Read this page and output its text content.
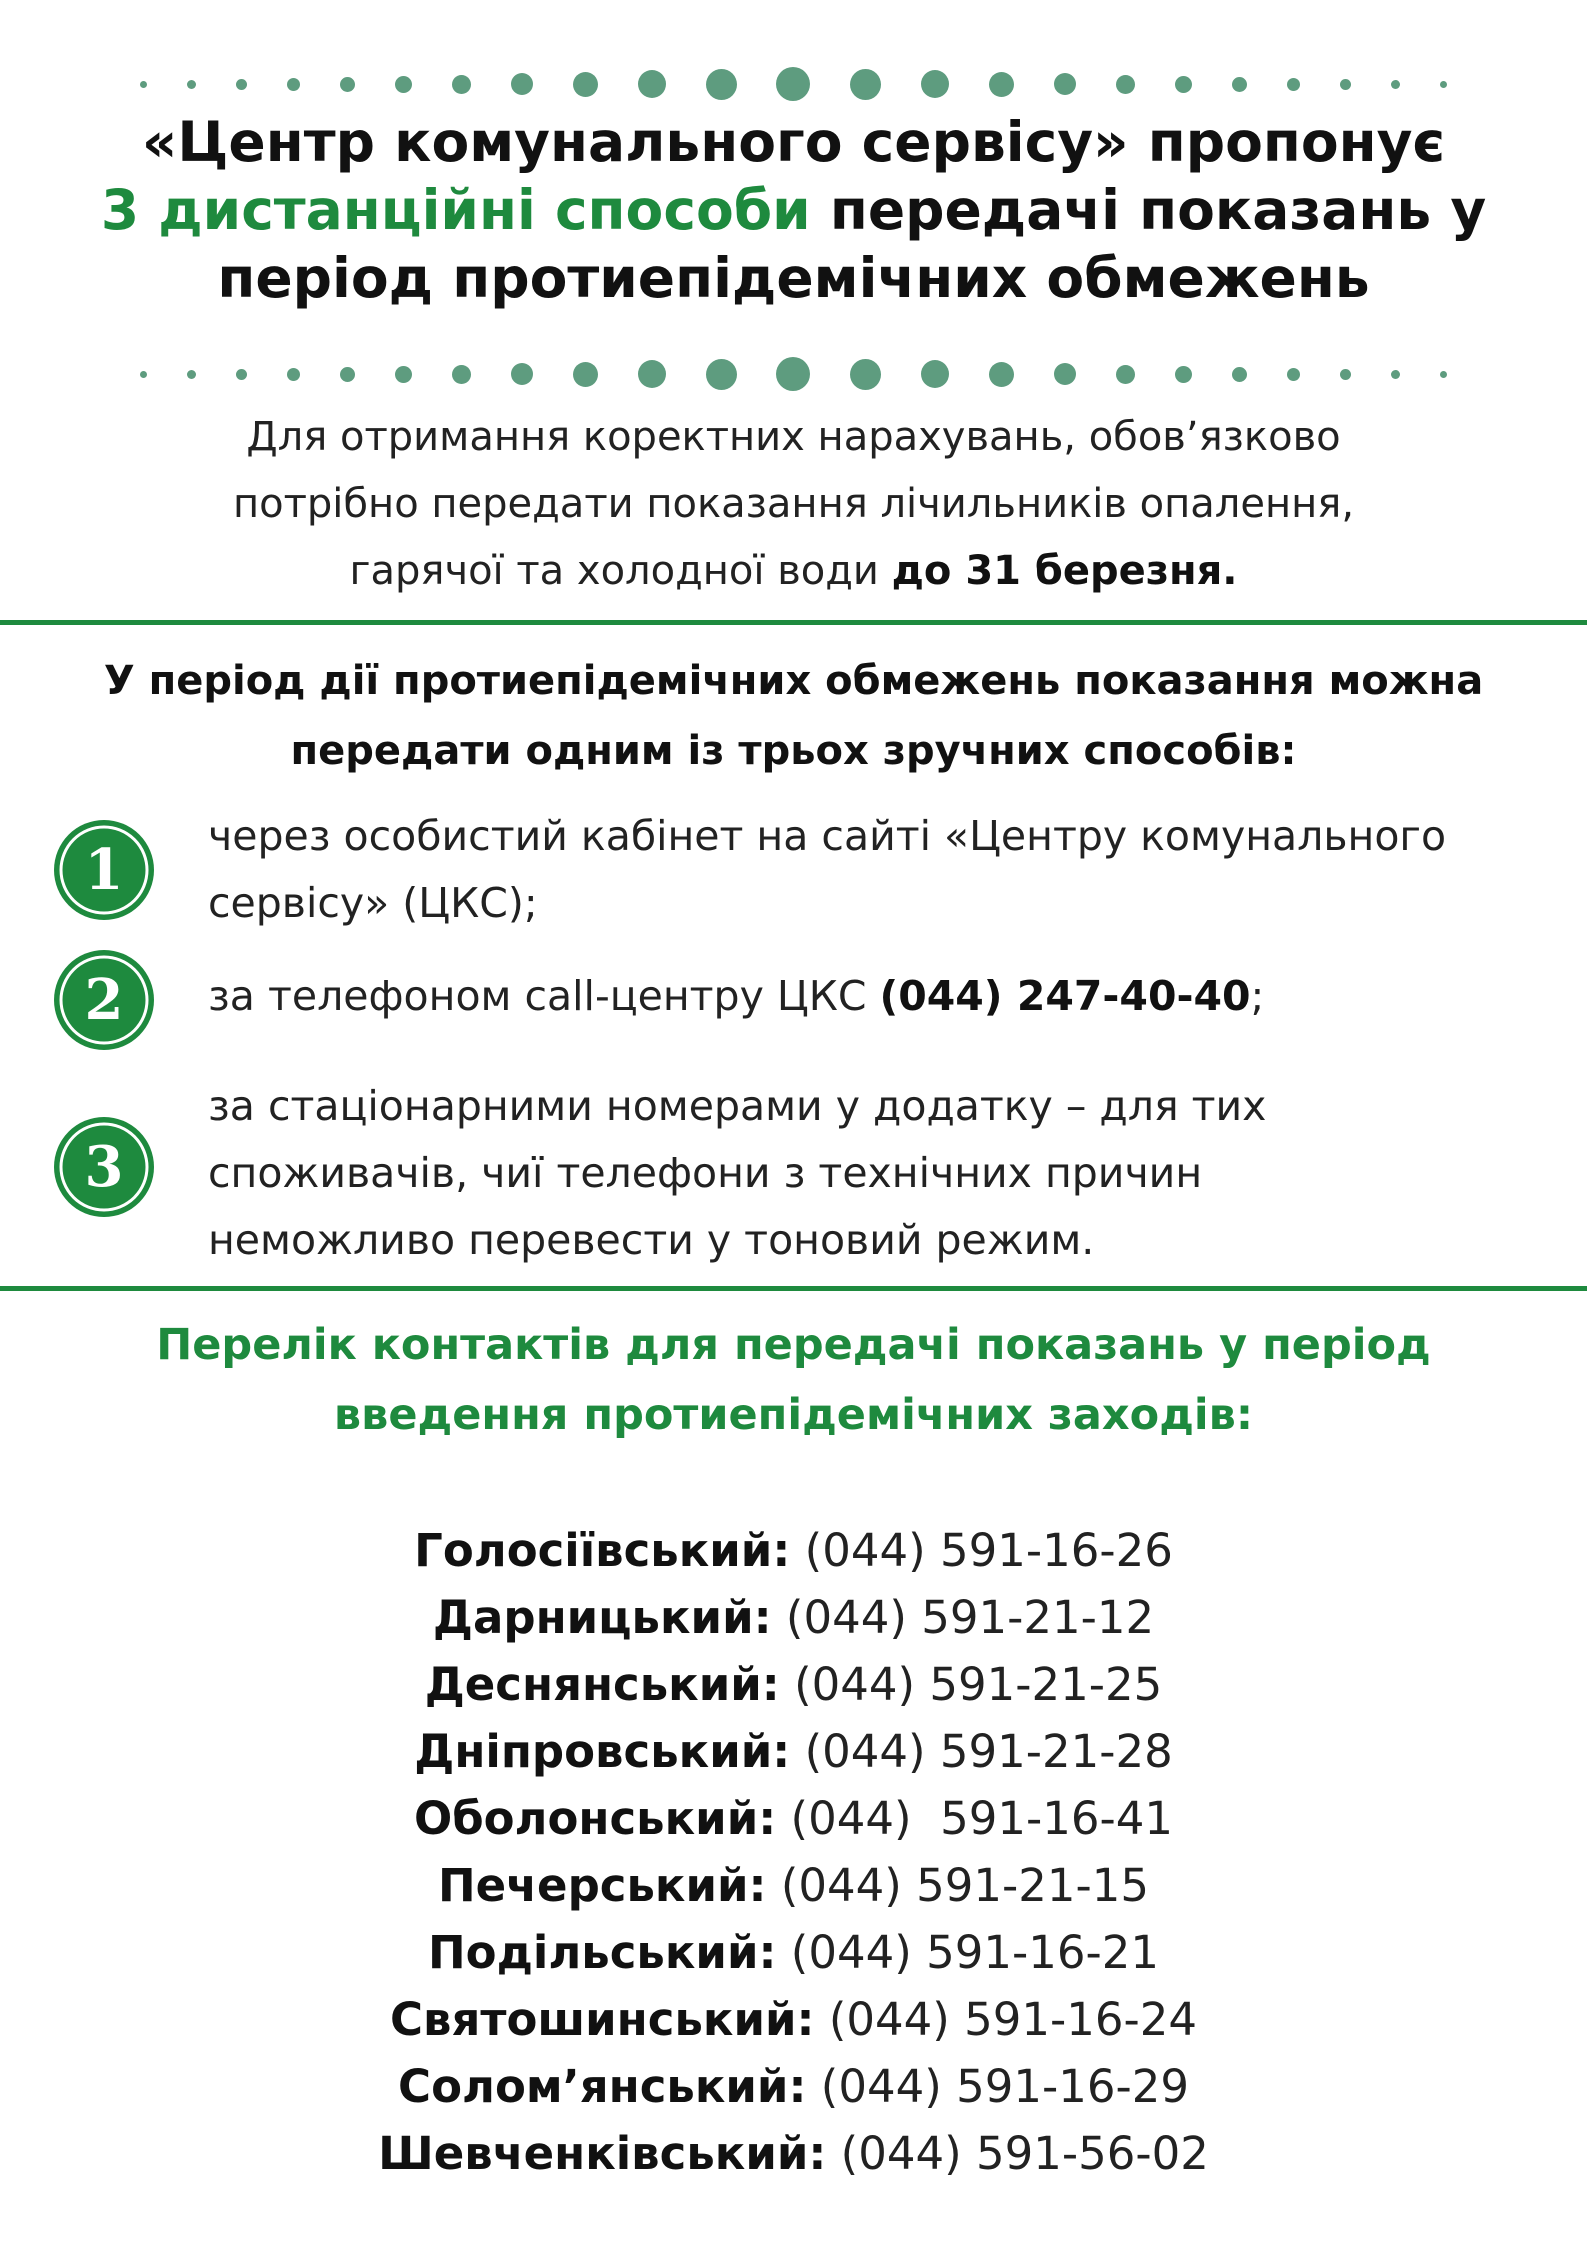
«Центр комунального сервісу» пропонує
3 дистанційні способи передачі показань у
період протиепідемічних обмежень

Для отримання коректних нарахувань, обов’язково
потрібно передати показання лічильників опалення,
гарячої та холодної води до 31 березня.

У період дії протиепідемічних обмежень показання можна
передати одним із трьох зручних способів:
1

через особистий кабінет на сайті «Центру комунального
сервісу» (ЦКС);

2 за телефоном call-центру ЦКС (044) 247-40-40;

3

за стаціонарними номерами у додатку – для тих
споживачів, чиї телефони з технічних причин
неможливо перевести у тоновий режим.

Перелік контактів для передачі показань у період
введення протиепідемічних заходів:
Голосіївський: (044) 591-16-26
Дарницький: (044) 591-21-12
Деснянський: (044) 591-21-25
Дніпровський: (044) 591-21-28
Оболонський: (044)  591-16-41
Печерський: (044) 591-21-15
Подільський: (044) 591-16-21
Святошинський: (044) 591-16-24
Солом’янський: (044) 591-16-29
Шевченківський: (044) 591-56-02
